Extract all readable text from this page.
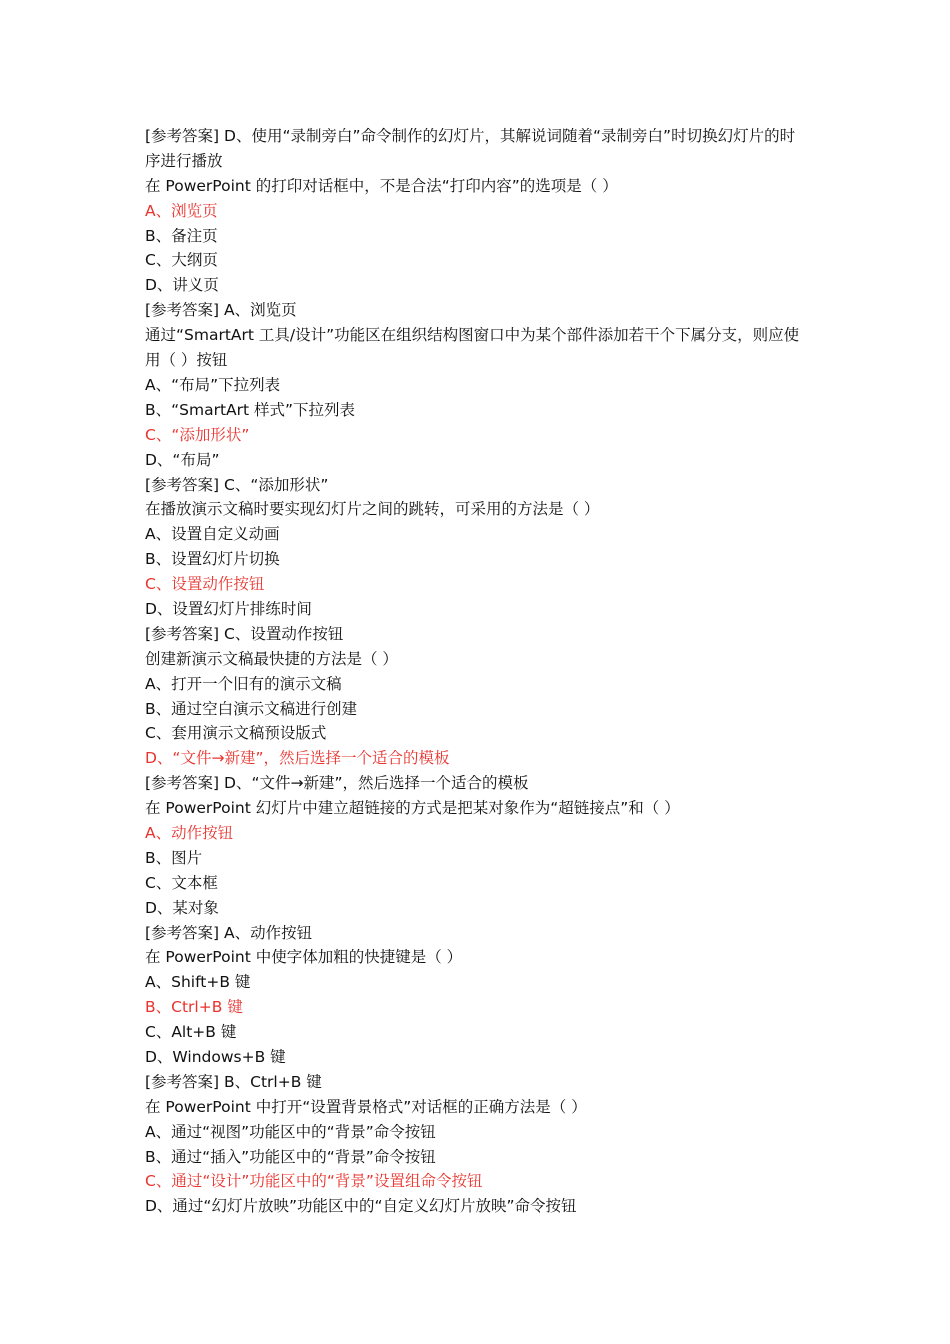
[参考答案] D、使用“录制旁白”命令制作的幻灯片，其解说词随着“录制旁白”时切换幻灯片的时序进行播放
在 PowerPoint 的打印对话框中，不是合法“打印内容”的选项是（ ）
A、浏览页
B、备注页
C、大纲页
D、讲义页
[参考答案] A、浏览页
通过“SmartArt 工具/设计”功能区在组织结构图窗口中为某个部件添加若干个下属分支，则应使用（ ）按钮
A、“布局”下拉列表
B、“SmartArt 样式”下拉列表
C、“添加形状”
D、“布局”
[参考答案] C、“添加形状”
在播放演示文稿时要实现幻灯片之间的跳转，可采用的方法是（ ）
A、设置自定义动画
B、设置幻灯片切换
C、设置动作按钮
D、设置幻灯片排练时间
[参考答案] C、设置动作按钮
创建新演示文稿最快捷的方法是（ ）
A、打开一个旧有的演示文稿
B、通过空白演示文稿进行创建
C、套用演示文稿预设版式
D、“文件→新建”，然后选择一个适合的模板
[参考答案] D、“文件→新建”，然后选择一个适合的模板
在 PowerPoint 幻灯片中建立超链接的方式是把某对象作为“超链接点”和（ ）
A、动作按钮
B、图片
C、文本框
D、某对象
[参考答案] A、动作按钮
在 PowerPoint 中使字体加粗的快捷键是（ ）
A、Shift+B 键
B、Ctrl+B 键
C、Alt+B 键
D、Windows+B 键
[参考答案] B、Ctrl+B 键
在 PowerPoint 中打开“设置背景格式”对话框的正确方法是（ ）
A、通过“视图”功能区中的“背景”命令按钮
B、通过“插入”功能区中的“背景”命令按钮
C、通过“设计”功能区中的“背景”设置组命令按钮
D、通过“幻灯片放映”功能区中的“自定义幻灯片放映”命令按钮
